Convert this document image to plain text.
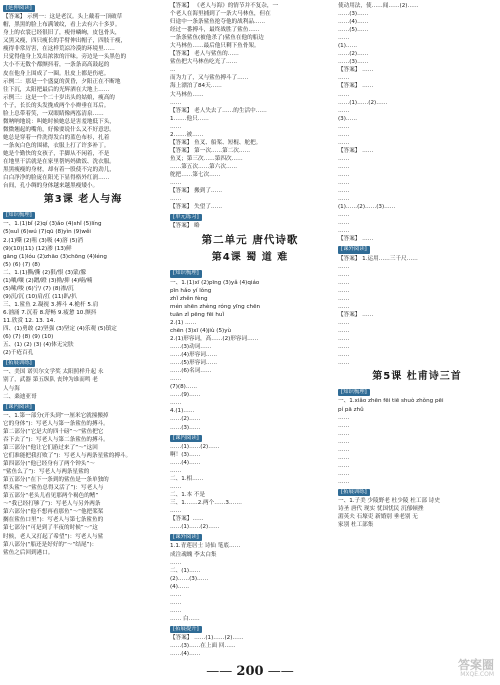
[延伸阅读]
【答案】 示例一：这是老汉。头上戴着一顶破草
帽，黑黑的脸上布满皱纹，看上去有六十多岁。
身上的衣裳已经很旧了，瘦骨嶙峋，皮包骨头，
又黑又瘦，四只瘦长的手臂伸出帽子，四肢干瘦，
瘦得非常厉害，在这样荒凉冷漠的环境里……
只觉得他身上发出浓浓的汗味。旁边是一头黑色的
大小不无数个都颤抖着，一条条高高鼓起的
皮在他身上围成了一圈。肚皮上都是伤疤。
示例二：那是一个盛夏的黄昏，夕阳正在不断地
往下沉，太阳把最后的光辉洒在大地上……
示例三：这是一个二十岁出头的姑娘，瘦高的
个子，长长的头发挽成两个小辫垂在耳后。
脸上总带着笑，一双眼睛像两泓清泉……
微呐呐地说：叫她时候她总是害羞地低下头，
微微翘起的嘴角，好像要说什么又不好意思。
她总是穿着一件洗得发白的蓝色布衫，扎着
一条灰白色的围裙，衣服上打了许多补丁。
她是个勤快的女孩子，手脚从不闲着，不是
在地里干活就是在家里帮妈妈做饭、洗衣服。
黑黑瘦瘦的身材，却有着一股使不完的劲儿，
白白净净的脸庞在阳光下显得格外红润……
台间，孔小绸的身体越来越黑瘦矮小。
第3课 老人与海
[知识梳理]
一、1.(1)bǐ (2)qí (3)ǎo (4)shǐ (5)líng
(5)suǐ (6)wú (7)qū (8)yìn (9)wěi
2.(1)嘶 (2)咀 (3)吸 (4)溶 (5)消
(9)(10)(11) (12)渗 (13)鲜
gāng (1)lóu (2)zhāo (3)chōng (4)léng
(5) (6) (7) (8)
二、1.(1)撕/撕 (2)狠/恨 (3)蒙/朦
(1)嚷/嚷 (2)蹭/蹬 (3)拗/抑 (4)喃/喃
(5)嗦/唆 (6)宁/ (7) (8)渗/沉
(9)沉/沉 (10)肩/扛 (11)趴/扒
三、1.鲨鱼 2.凝视 3.搏斗 4.桅杆 5.肩
6.汹涌 7.沉着 8.舒畅 9.疲惫 10.颤抖
11.欣赏 12. 13. 14.
四、(1)勇敢 (2)坚强 (3)坚定 (4)乐观 (5)镇定
(6) (7) (8) (9) (10)
五、(1) (2) (3) (4)体无完肤
(2)千疮百孔
[拓展训练]
一、美国 诺贝尔文学奖 太阳照样升起 永
别了，武器 第五纵队 丧钟为谁而鸣 老
人与海
二、桑迪亚哥
[课内阅读]
一、1.第一部分(开头到“一厘米它就撞搬掉
它的身体”)：写老人与第一条鲨鱼的搏斗。
第二部分(“它是大的四十磅”～“鲨鱼把它
吞下去了”)：写老人与第二条鲨鱼的搏斗。
第三部分(“他让它们游过来了”～“这回
它们准能把我打败了”)：写老人与两条星鲨的搏斗。
第四部分(“他已经身有了两个钟头”～
“鲨鱼么了”)：写老人与两条星鲨的
第五部分(“在下一条到的鲨鱼是一条单独的
犁头鲨”～“鲨鱼总得又活了”)：写老人与
第五部分“老头儿看见那两个褐色的鳍”
～“我已经打够了”)：写老人与另外两条
第六部分(“他不想再看那鱼”～“他把桨桨
搁在鲨鱼口里”)：写老人与第七条鲨鱼的
第七部分(“可是到了半夜的时候”～“这
时候，老人又打起了希望”)：写老人与鲨
第八部分(“船还是好好的”～“结尾”)：
鲨鱼之后回到港口。
【答案】 《老人与海》的情节并不复杂，一
个老人在海里捕到了一条大马林鱼，但在
归途中一条条鲨鱼抢夺他的战利品……
经过一番搏斗，最终战胜了鲨鱼……
一条条鲨鱼(被他杀了)鲨鱼在他的船边
大马林鱼……最后他只剩下鱼骨架。
【答案】 老人与鲨鱼的……
鲨鱼把大马林鱼吃光了……
…
而为力了，又与鲨鱼搏斗了……
海上漂泊了84天……
大马林鱼……
……
【答案】 老人失去了……的生活中……
1.……他只……
……
2.……被……
【答案】 鱼叉、船桨、短棍、舵把。
【答案】 第一次……第二次……
鱼叉；第三次……第四次……
……第五次……第六次……
舵把……第七次……
……
【答案】 搬到了……
……
【答案】 失望了……
[单元练习]
【答案】 略
第二单元 唐代诗歌
第4课 蜀 道 难
[知识梳理]
一、1.(1)xī (2)pīng (3)yǎ (4)qiáo
pīn hǎo yí lǒng
zhǐ zhěn fèng
mén shēn zhèng róng yīng chēn
tuān zǐ pēng fēi huǐ
2.(1) ……
chēn (3)xī (4)jiù (5)yù
2.(1)形容词，高……(2)形容词……
……(3)动词……
……(4)形容词……
……(5)形容词……
……(6)名词……
……
(7)(8)……
……(9)……
……
4.(1)……
……(2)……
……(3)……
[课内阅读]
……(1)……(2)……
啊！(3)……
……(4)……
……
二、1.相……
……
二、1.本 不是
三、1.……2.两个……3.……
……
【答案】……
……(1)……(2)……
[课外阅读]
1.1.青莲居士 诗仙 笔底……
成注魂魄 李太白集
……
二、(1)……
(2)……(3)……
(4)……
……
……
……
…… 白……
[拓展提升]
【答案】 ……(1)……(2)……
……(3)……在上面 回……
……(4)……
使动用法，使……闻……(2)……
……(3)……
……(4)……
……(5)……
……
(1)……
……(2)……
……(3)……
【答案】 ……
……
【答案】 ……
……
……(1)……(2)……
……
(3)……
……
……
……
【答案】 ……
……
……
……
……
……
……
(1)……(2)……(3)……
……
……
……
【答案】 ……
[课外阅读]
【答案】 1.运用……三千尺……
……
……
……
……
……
……
【答案】 ……
……
……
……
……
……
……
第5课 杜甫诗三首
[知识梳理]
一、1.xiǎo zhēn fēi tiē shuò zhǒng pēi
pí pā zhǔ
……
……
……
……
……
……
……
……
……
[拓展训练]
一、1.子美 少陵野老 杜少陵 杜工部 诗史
诗圣 唐代 现实 忧国忧民 沉郁顿挫
湄英夫 石壕吏 新婚别 垂老别 无
家别 杜工部集
—— 200 ——	答案圈
MXQE.COM
